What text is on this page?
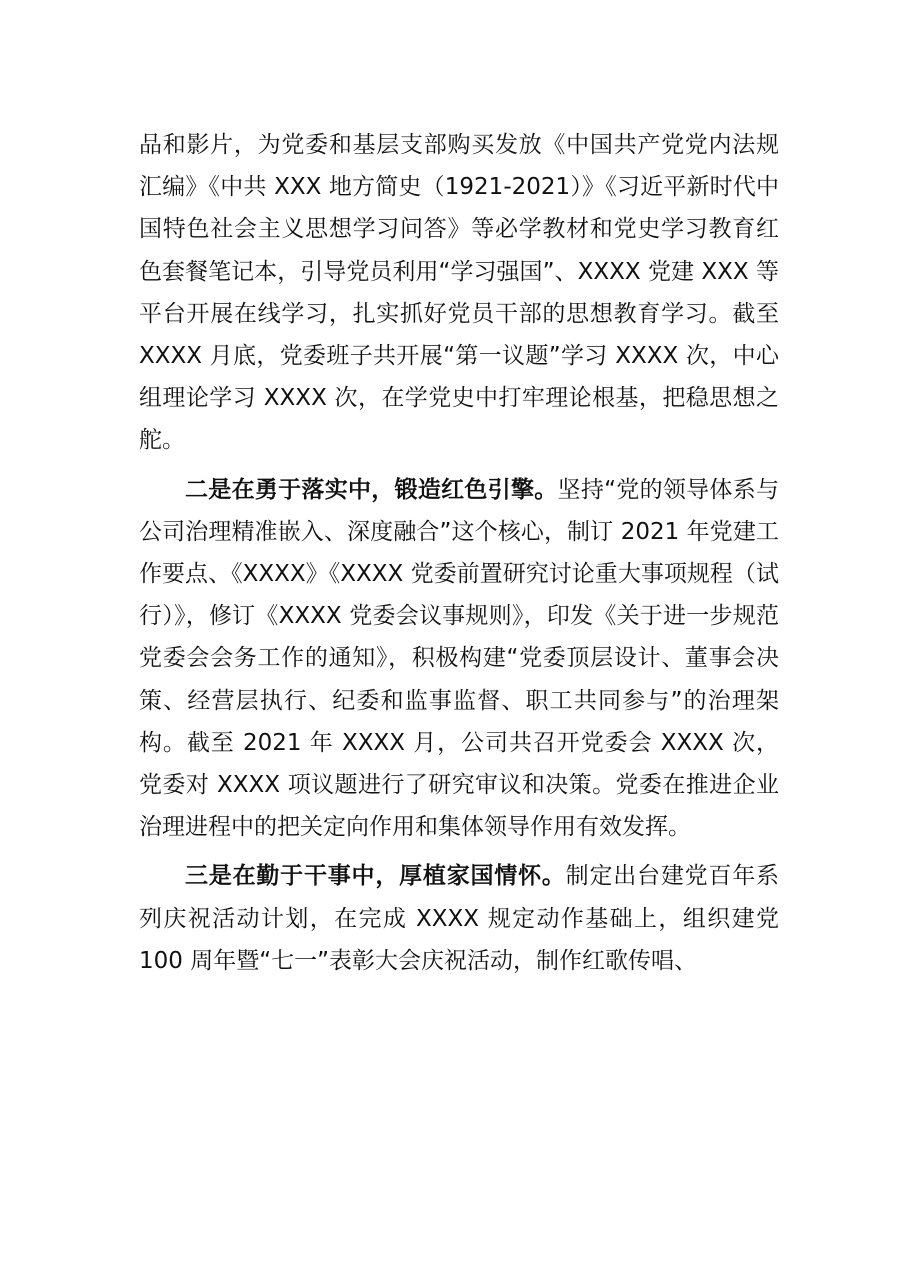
品和影片，为党委和基层支部购买发放《中国共产党党内法规汇编》《中共 XXX 地方简史（1921-2021）》《习近平新时代中国特色社会主义思想学习问答》等必学教材和党史学习教育红色套餐笔记本，引导党员利用“学习强国”、XXXX 党建 XXX 等平台开展在线学习，扎实抓好党员干部的思想教育学习。截至 XXXX 月底，党委班子共开展“第一议题”学习 XXXX 次，中心组理论学习 XXXX 次，在学党史中打牢理论根基，把稳思想之舵。

二是在勇于落实中，锻造红色引擎。坚持“党的领导体系与公司治理精准嵌入、深度融合”这个核心，制订 2021 年党建工作要点、《XXXX》《XXXX 党委前置研究讨论重大事项规程（试行）》，修订《XXXX 党委会议事规则》，印发《关于进一步规范党委会会务工作的通知》，积极构建“党委顶层设计、董事会决策、经营层执行、纪委和监事监督、职工共同参与”的治理架构。截至 2021 年 XXXX 月，公司共召开党委会 XXXX 次，党委对 XXXX 项议题进行了研究审议和决策。党委在推进企业治理进程中的把关定向作用和集体领导作用有效发挥。

三是在勤于干事中，厚植家国情怀。制定出台建党百年系列庆祝活动计划，在完成 XXXX 规定动作基础上，组织建党 100 周年暨“七一”表彰大会庆祝活动，制作红歌传唱、
